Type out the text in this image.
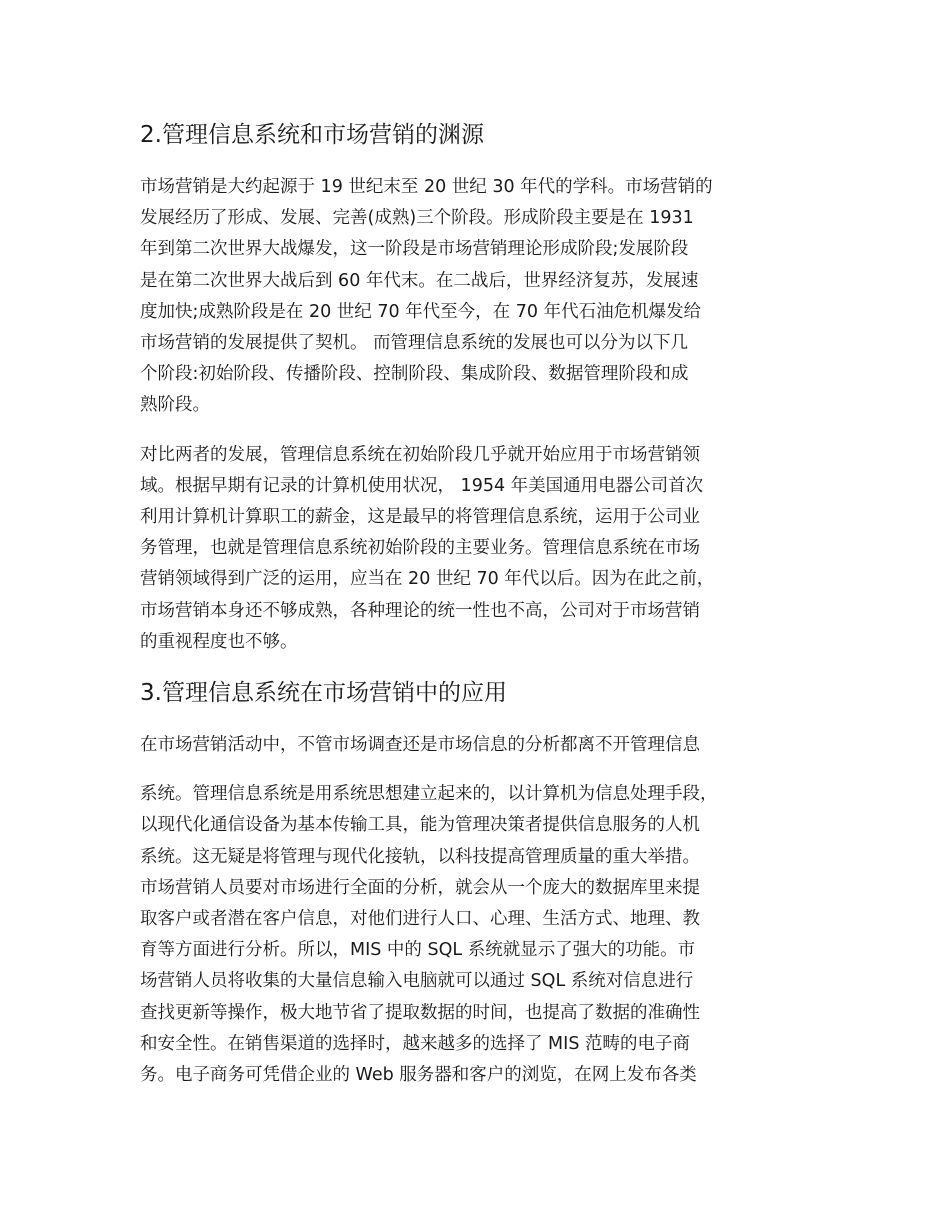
2.管理信息系统和市场营销的渊源

市场营销是大约起源于 19 世纪末至 20 世纪 30 年代的学科。市场营销的
发展经历了形成、发展、完善(成熟)三个阶段。形成阶段主要是在 1931
年到第二次世界大战爆发，这一阶段是市场营销理论形成阶段;发展阶段
是在第二次世界大战后到 60 年代末。在二战后，世界经济复苏，发展速
度加快;成熟阶段是在 20 世纪 70 年代至今，在 70 年代石油危机爆发给
市场营销的发展提供了契机。 而管理信息系统的发展也可以分为以下几
个阶段:初始阶段、传播阶段、控制阶段、集成阶段、数据管理阶段和成
熟阶段。

对比两者的发展，管理信息系统在初始阶段几乎就开始应用于市场营销领
域。根据早期有记录的计算机使用状况， 1954 年美国通用电器公司首次
利用计算机计算职工的薪金，这是最早的将管理信息系统，运用于公司业
务管理，也就是管理信息系统初始阶段的主要业务。管理信息系统在市场
营销领域得到广泛的运用，应当在 20 世纪 70 年代以后。因为在此之前，
市场营销本身还不够成熟，各种理论的统一性也不高，公司对于市场营销
的重视程度也不够。

3.管理信息系统在市场营销中的应用

在市场营销活动中，不管市场调查还是市场信息的分析都离不开管理信息

系统。管理信息系统是用系统思想建立起来的，以计算机为信息处理手段，
以现代化通信设备为基本传输工具，能为管理决策者提供信息服务的人机
系统。这无疑是将管理与现代化接轨，以科技提高管理质量的重大举措。
市场营销人员要对市场进行全面的分析，就会从一个庞大的数据库里来提
取客户或者潜在客户信息，对他们进行人口、心理、生活方式、地理、教
育等方面进行分析。所以，MIS 中的 SQL 系统就显示了强大的功能。市
场营销人员将收集的大量信息输入电脑就可以通过 SQL 系统对信息进行
查找更新等操作，极大地节省了提取数据的时间，也提高了数据的准确性
和安全性。在销售渠道的选择时，越来越多的选择了 MIS 范畴的电子商
务。电子商务可凭借企业的 Web 服务器和客户的浏览，在网上发布各类
